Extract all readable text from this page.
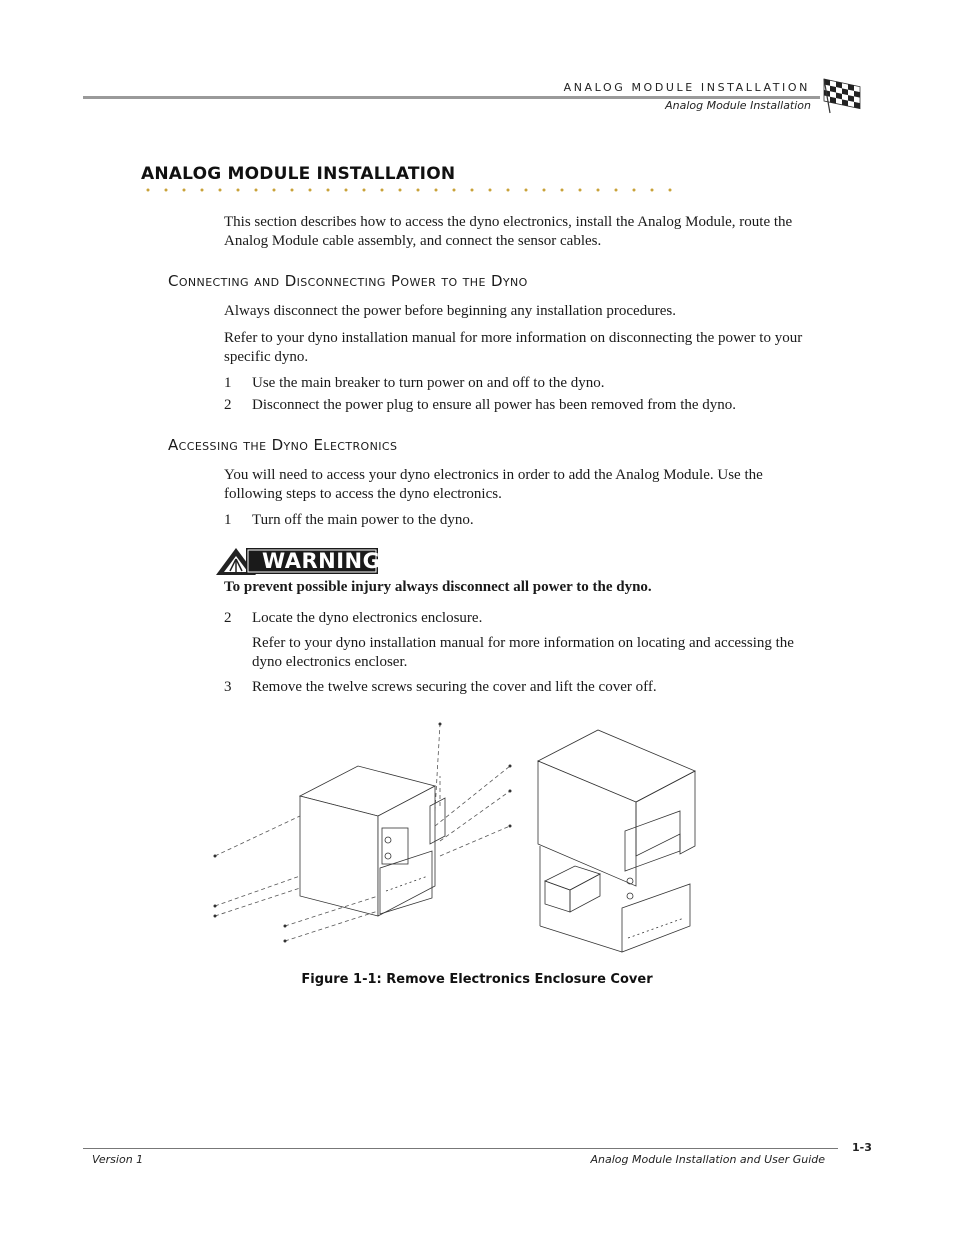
ANALOG MODULE INSTALLATION
Analog Module Installation
ANALOG MODULE INSTALLATION
This section describes how to access the dyno electronics, install the Analog Module, route the Analog Module cable assembly, and connect the sensor cables.
Connecting and Disconnecting Power to the Dyno
Always disconnect the power before beginning any installation procedures.
Refer to your dyno installation manual for more information on disconnecting the power to your specific dyno.
1 Use the main breaker to turn power on and off to the dyno.
2 Disconnect the power plug to ensure all power has been removed from the dyno.
Accessing the Dyno Electronics
You will need to access your dyno electronics in order to add the Analog Module. Use the following steps to access the dyno electronics.
1 Turn off the main power to the dyno.
WARNING
To prevent possible injury always disconnect all power to the dyno.
2 Locate the dyno electronics enclosure.
Refer to your dyno installation manual for more information on locating and accessing the dyno electronics encloser.
3 Remove the twelve screws securing the cover and lift the cover off.
Figure 1-1: Remove Electronics Enclosure Cover
1-3
Version 1	Analog Module Installation and User Guide
